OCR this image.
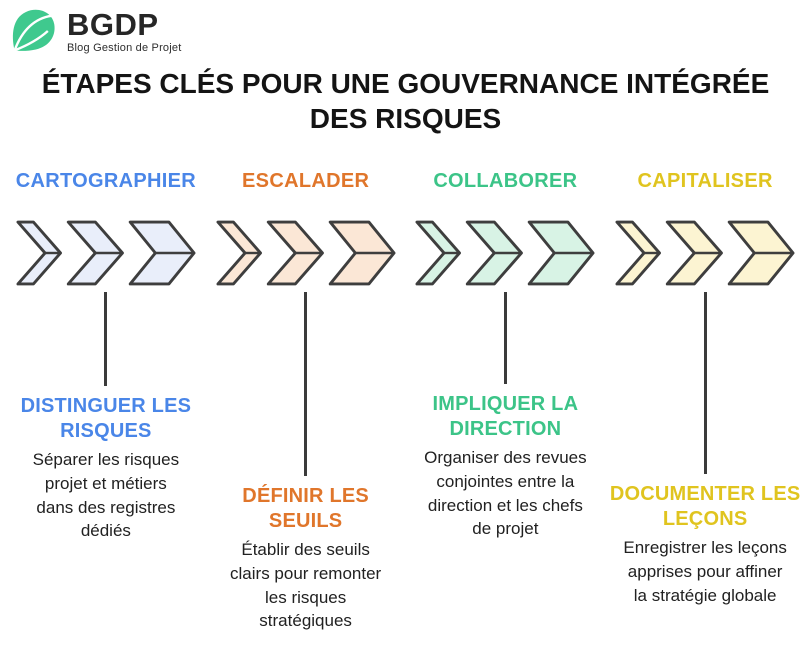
BGDP
Blog Gestion de Projet
ÉTAPES CLÉS POUR UNE GOUVERNANCE INTÉGRÉE
DES RISQUES
CARTOGRAPHIER
DISTINGUER LES
RISQUES
Séparer les risques
projet et métiers
dans des registres
dédiés
ESCALADER
DÉFINIR LES
SEUILS
Établir des seuils
clairs pour remonter
les risques
stratégiques
COLLABORER
IMPLIQUER LA
DIRECTION
Organiser des revues
conjointes entre la
direction et les chefs
de projet
CAPITALISER
DOCUMENTER LES
LEÇONS
Enregistrer les leçons
apprises pour affiner
la stratégie globale
